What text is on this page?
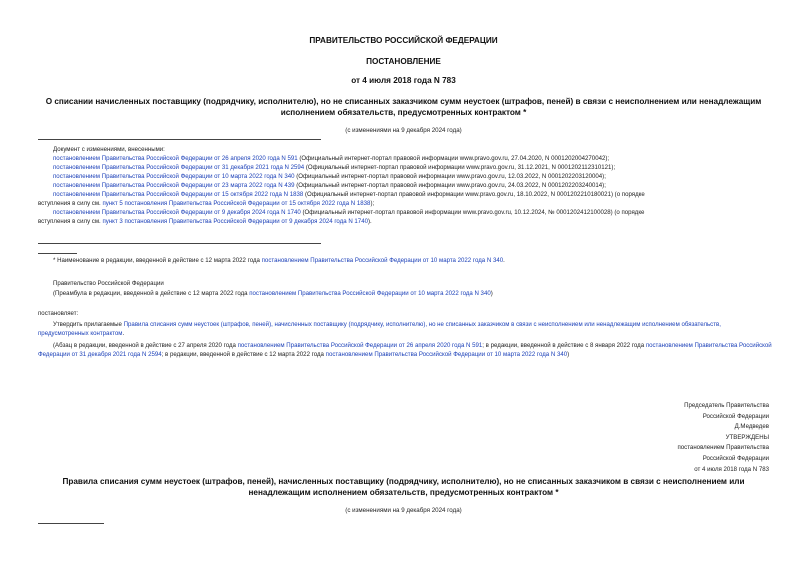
ПРАВИТЕЛЬСТВО РОССИЙСКОЙ ФЕДЕРАЦИИ
ПОСТАНОВЛЕНИЕ
от 4 июля 2018 года N 783
О списании начисленных поставщику (подрядчику, исполнителю), но не списанных заказчиком сумм неустоек (штрафов, пеней) в связи с неисполнением или ненадлежащим исполнением обязательств, предусмотренных контрактом *
(с изменениями на 9 декабря 2024 года)
Документ с изменениями, внесенными:
постановлением Правительства Российской Федерации от 26 апреля 2020 года N 591 (Официальный интернет-портал правовой информации www.pravo.gov.ru, 27.04.2020, N 0001202004270042);
постановлением Правительства Российской Федерации от 31 декабря 2021 года N 2594 (Официальный интернет-портал правовой информации www.pravo.gov.ru, 31.12.2021, N 0001202112310121);
постановлением Правительства Российской Федерации от 10 марта 2022 года N 340 (Официальный интернет-портал правовой информации www.pravo.gov.ru, 12.03.2022, N 0001202203120004);
постановлением Правительства Российской Федерации от 23 марта 2022 года N 439 (Официальный интернет-портал правовой информации www.pravo.gov.ru, 24.03.2022, N 0001202203240014);
постановлением Правительства Российской Федерации от 15 октября 2022 года N 1838 (Официальный интернет-портал правовой информации www.pravo.gov.ru, 18.10.2022, N 0001202210180021) (о порядке
вступления в силу см. пункт 5 постановления Правительства Российской Федерации от 15 октября 2022 года N 1838);
постановлением Правительства Российской Федерации от 9 декабря 2024 года N 1740 (Официальный интернет-портал правовой информации www.pravo.gov.ru, 10.12.2024, № 0001202412100028) (о порядке
вступления в силу см. пункт 3 постановления Правительства Российской Федерации от 9 декабря 2024 года N 1740).
* Наименование в редакции, введенной в действие с 12 марта 2022 года постановлением Правительства Российской Федерации от 10 марта 2022 года N 340.
Правительство Российской Федерации
(Преамбула в редакции, введенной в действие с 12 марта 2022 года постановлением Правительства Российской Федерации от 10 марта 2022 года N 340)
постановляет:
Утвердить прилагаемые Правила списания сумм неустоек (штрафов, пеней), начисленных поставщику (подрядчику, исполнителю), но не списанных заказчиком в связи с неисполнением или ненадлежащим исполнением обязательств, предусмотренных контрактом.
(Абзац в редакции, введенной в действие с 27 апреля 2020 года постановлением Правительства Российской Федерации от 26 апреля 2020 года N 591; в редакции, введенной в действие с 8 января 2022 года постановлением Правительства Российской Федерации от 31 декабря 2021 года N 2594; в редакции, введенной в действие с 12 марта 2022 года постановлением Правительства Российской Федерации от 10 марта 2022 года N 340)
Председатель Правительства
Российской Федерации
Д.Медведев
УТВЕРЖДЕНЫ
постановлением Правительства
Российской Федерации
от 4 июля 2018 года N 783
Правила списания сумм неустоек (штрафов, пеней), начисленных поставщику (подрядчику, исполнителю), но не списанных заказчиком в связи с неисполнением или ненадлежащим исполнением обязательств, предусмотренных контрактом *
(с изменениями на 9 декабря 2024 года)
